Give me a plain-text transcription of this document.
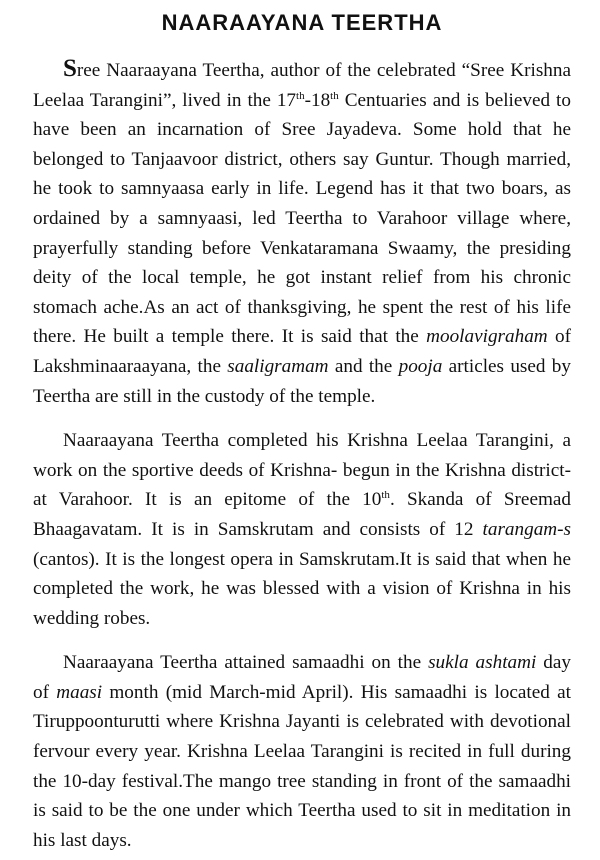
NAARAAYANA TEERTHA

Sree Naaraayana Teertha, author of the celebrated “Sree Krishna Leelaa Tarangini”, lived in the 17th-18th Centuaries and is believed to have been an incarnation of Sree Jayadeva. Some hold that he belonged to Tanjaavoor district, others say Guntur. Though married, he took to samnyaasa early in life. Legend has it that two boars, as ordained by a samnyaasi, led Teertha to Varahoor village where, prayerfully standing before Venkataramana Swaamy, the presiding deity of the local temple, he got instant relief from his chronic stomach ache.As an act of thanksgiving, he spent the rest of his life there. He built a temple there. It is said that the moolavigraham of Lakshminaaraayana, the saaligramam and the pooja articles used by Teertha are still in the custody of the temple.

Naaraayana Teertha completed his Krishna Leelaa Tarangini, a work on the sportive deeds of Krishna- begun in the Krishna district- at Varahoor. It is an epitome of the 10th. Skanda of Sreemad Bhaagavatam. It is in Samskrutam and consists of 12 tarangam-s (cantos). It is the longest opera in Samskrutam.It is said that when he completed the work, he was blessed with a vision of Krishna in his wedding robes.

Naaraayana Teertha attained samaadhi on the sukla ashtami day of maasi month (mid March-mid April). His samaadhi is located at Tiruppoonturutti where Krishna Jayanti is celebrated with devotional fervour every year. Krishna Leelaa Tarangini is recited in full during the 10-day festival.The mango tree standing in front of the samaadhi is said to be the one under which Teertha used to sit in meditation in his last days.
